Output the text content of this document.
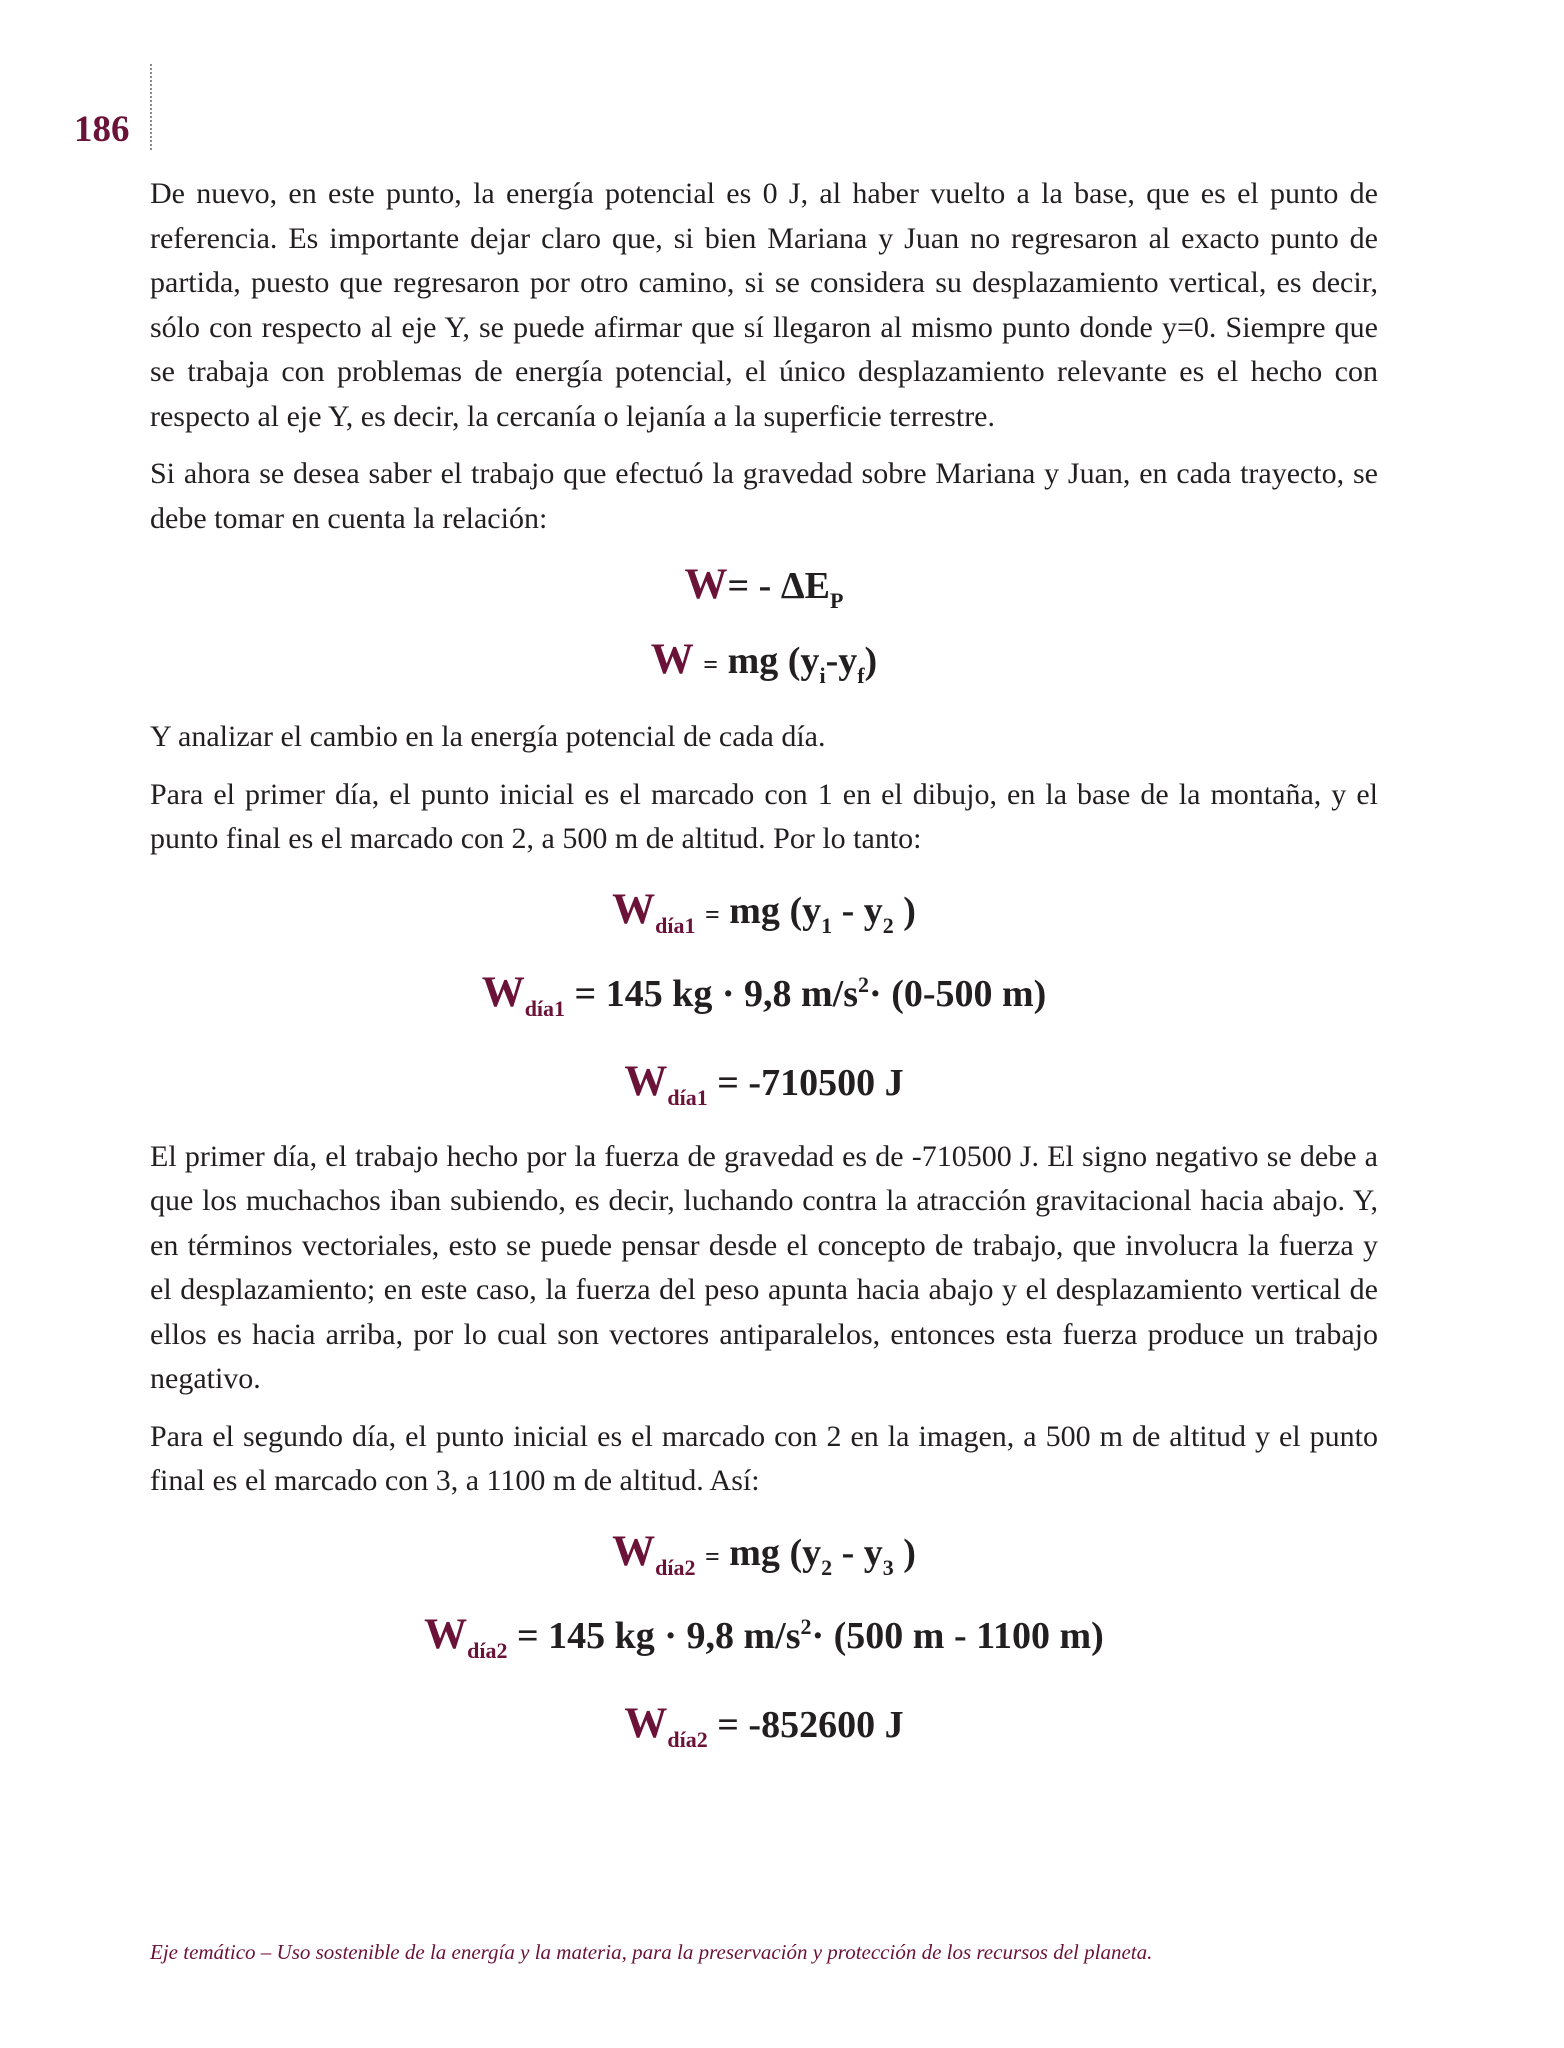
186

De nuevo, en este punto, la energía potencial es 0 J, al haber vuelto a la base, que es el punto de referencia. Es importante dejar claro que, si bien Mariana y Juan no regresaron al exacto punto de partida, puesto que regresaron por otro camino, si se considera su desplazamiento vertical, es decir, sólo con respecto al eje Y, se puede afirmar que sí llegaron al mismo punto donde y=0. Siempre que se trabaja con problemas de energía potencial, el único desplazamiento relevante es el hecho con respecto al eje Y, es decir, la cercanía o lejanía a la superficie terrestre.

Si ahora se desea saber el trabajo que efectuó la gravedad sobre Mariana y Juan, en cada trayecto, se debe tomar en cuenta la relación:

$W= - \Delta E_P$
W = mg $(y_i-y_f)$

Y analizar el cambio en la energía potencial de cada día.

Para el primer día, el punto inicial es el marcado con 1 en el dibujo, en la base de la montaña, y el punto final es el marcado con 2, a 500 m de altitud. Por lo tanto:

$W_{día1}$ = mg ($y_1 - y_2$ )
$W_{día1} = 145$ kg · 9,8 $m/s^2\cdot (0-500$ m)
$W_{día1} = -710500$ J

El primer día, el trabajo hecho por la fuerza de gravedad es de -710500 J. El signo negativo se debe a que los muchachos iban subiendo, es decir, luchando contra la atracción gravitacional hacia abajo. Y, en términos vectoriales, esto se puede pensar desde el concepto de trabajo, que involucra la fuerza y el desplazamiento; en este caso, la fuerza del peso apunta hacia abajo y el desplazamiento vertical de ellos es hacia arriba, por lo cual son vectores antiparalelos, entonces esta fuerza produce un trabajo negativo.

Para el segundo día, el punto inicial es el marcado con 2 en la imagen, a 500 m de altitud y el punto final es el marcado con 3, a 1100 m de altitud. Así:

$W_{día2}$ = mg ($y_2 - y_3$ )
$W_{día2} = 145$ kg · 9,8 $m/s^2\cdot (500$ m - 1100 m)
$W_{día2} = -852600$ J
Eje temático – Uso sostenible de la energía y la materia, para la preservación y protección de los recursos del planeta.
